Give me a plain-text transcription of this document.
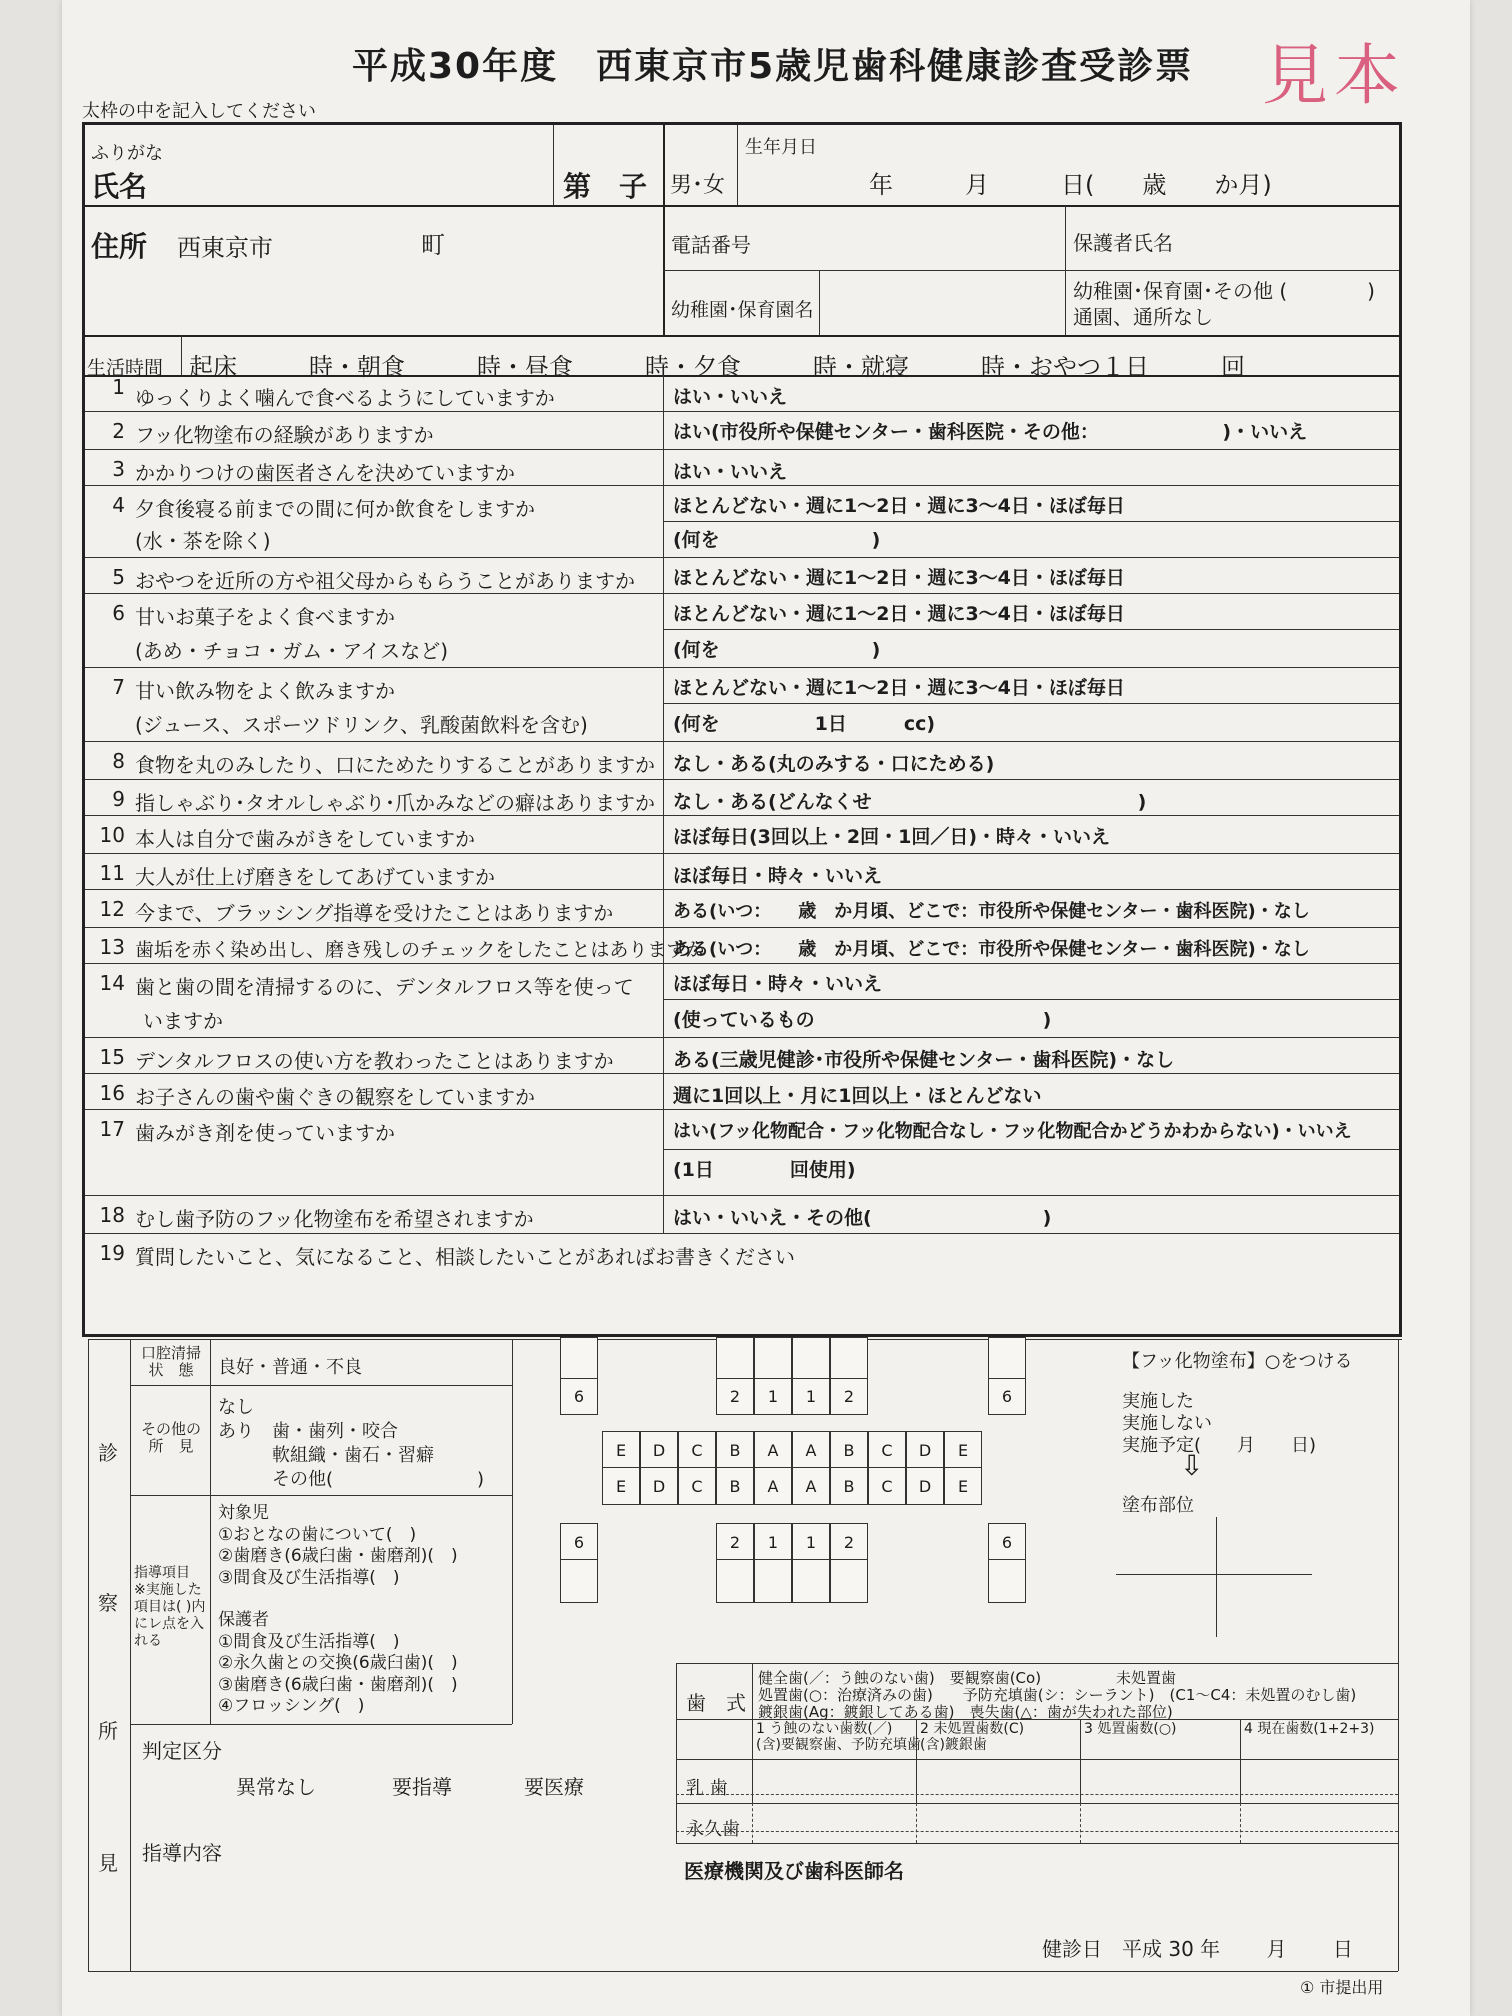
平成30年度　西東京市5歳児歯科健康診査受診票 見本
太枠の中を記入してください
ふりがな
氏名	第　子 男･女
生年月日
年　　　月　　　日(　　歳　　か月)
住所 西東京市	町	電話番号	保護者氏名
幼稚園･保育園名
幼稚園･保育園･その他 (　　　　)
通園、通所なし
生活時間 起床　　　時・朝食　　　時・昼食　　　時・夕食　　　時・就寝　　　時・おやつ１日　　　回
1 ゆっくりよく噛んで食べるようにしていますか	はい・いいえ
2 フッ化物塗布の経験がありますか	はい(市役所や保健センター・歯科医院・その他：　　　　　　　)・いいえ
3 かかりつけの歯医者さんを決めていますか	はい・いいえ
4 夕食後寝る前までの間に何か飲食をしますか
(水・茶を除く)
ほとんどない・週に1～2日・週に3～4日・ほぼ毎日
(何を　　　　　　　　)
5 おやつを近所の方や祖父母からもらうことがありますか ほとんどない・週に1～2日・週に3～4日・ほぼ毎日
6 甘いお菓子をよく食べますか
(あめ・チョコ・ガム・アイスなど)
ほとんどない・週に1～2日・週に3～4日・ほぼ毎日
(何を　　　　　　　　)
7 甘い飲み物をよく飲みますか
(ジュース、スポーツドリンク、乳酸菌飲料を含む)
ほとんどない・週に1～2日・週に3～4日・ほぼ毎日
(何を　　　　　1日　　　cc)
8 食物を丸のみしたり、口にためたりすることがありますか なし・ある(丸のみする・口にためる)
9 指しゃぶり･タオルしゃぶり･爪かみなどの癖はありますか なし・ある(どんなくせ　　　　　　　　　　　　　　)
10 本人は自分で歯みがきをしていますか	ほぼ毎日(3回以上・2回・1回／日)・時々・いいえ
11 大人が仕上げ磨きをしてあげていますか	ほぼ毎日・時々・いいえ
12 今まで、ブラッシング指導を受けたことはありますか	ある(いつ：　　歳　か月頃、どこで：市役所や保健センター・歯科医院)・なし
13 歯垢を赤く染め出し、磨き残しのチェックをしたことはありますか
ある(いつ：　　歳　か月頃、どこで：市役所や保健センター・歯科医院)・なし
14 歯と歯の間を清掃するのに、デンタルフロス等を使って
いますか
ほぼ毎日・時々・いいえ
(使っているもの　　　　　　　　　　　　)
15 デンタルフロスの使い方を教わったことはありますか	ある(三歳児健診･市役所や保健センター・歯科医院)・なし
16 お子さんの歯や歯ぐきの観察をしていますか	週に1回以上・月に1回以上・ほとんどない
17 歯みがき剤を使っていますか	はい(フッ化物配合・フッ化物配合なし・フッ化物配合かどうかわからない)・いいえ
(1日　　　　回使用)
18 むし歯予防のフッ化物塗布を希望されますか	はい・いいえ・その他(　　　　　　　　　)
19 質問したいこと、気になること、相談したいことがあればお書きください
診
察
所
見
口腔清掃
状　態	良好・普通・不良
その他の
所　見
なし
あり　歯・歯列・咬合
　　　軟組織・歯石・習癖
　　　その他(　　　　　　　　)
指導項目
※実施した
項目は( )内
にレ点を入
れる
対象児
①おとなの歯について(　)
②歯磨き(6歳臼歯・歯磨剤)(　)
③間食及び生活指導(　)
保護者
①間食及び生活指導(　)
②永久歯との交換(6歳臼歯)(　)
③歯磨き(6歳臼歯・歯磨剤)(　)
④フロッシング(　)
6	2 1 1 2	6
E D C B A A B C D E
E D C B A A B C D E
6	2 1 1 2	6
【フッ化物塗布】○をつける
実施した
実施しない
実施予定(　　月　　日)
⇩
塗布部位
歯　式
健全歯(／：う蝕のない歯)　要観察歯(Co)　　　　　未処置歯
処置歯(○：治療済みの歯)　　予防充填歯(シ：シーラント)　(C1～C4：未処置のむし歯)
鍍銀歯(Ag：鍍銀してある歯)　喪失歯(△：歯が失われた部位)
1 う蝕のない歯数(／)
(含)要観察歯、予防充填歯
2 未処置歯数(C)
(含)鍍銀歯
3 処置歯数(○)	4 現在歯数(1+2+3)
乳 歯
永久歯
判定区分
異常なし	要指導	要医療
指導内容
医療機関及び歯科医師名
健診日　平成 30 年　　 月　　 日
① 市提出用
